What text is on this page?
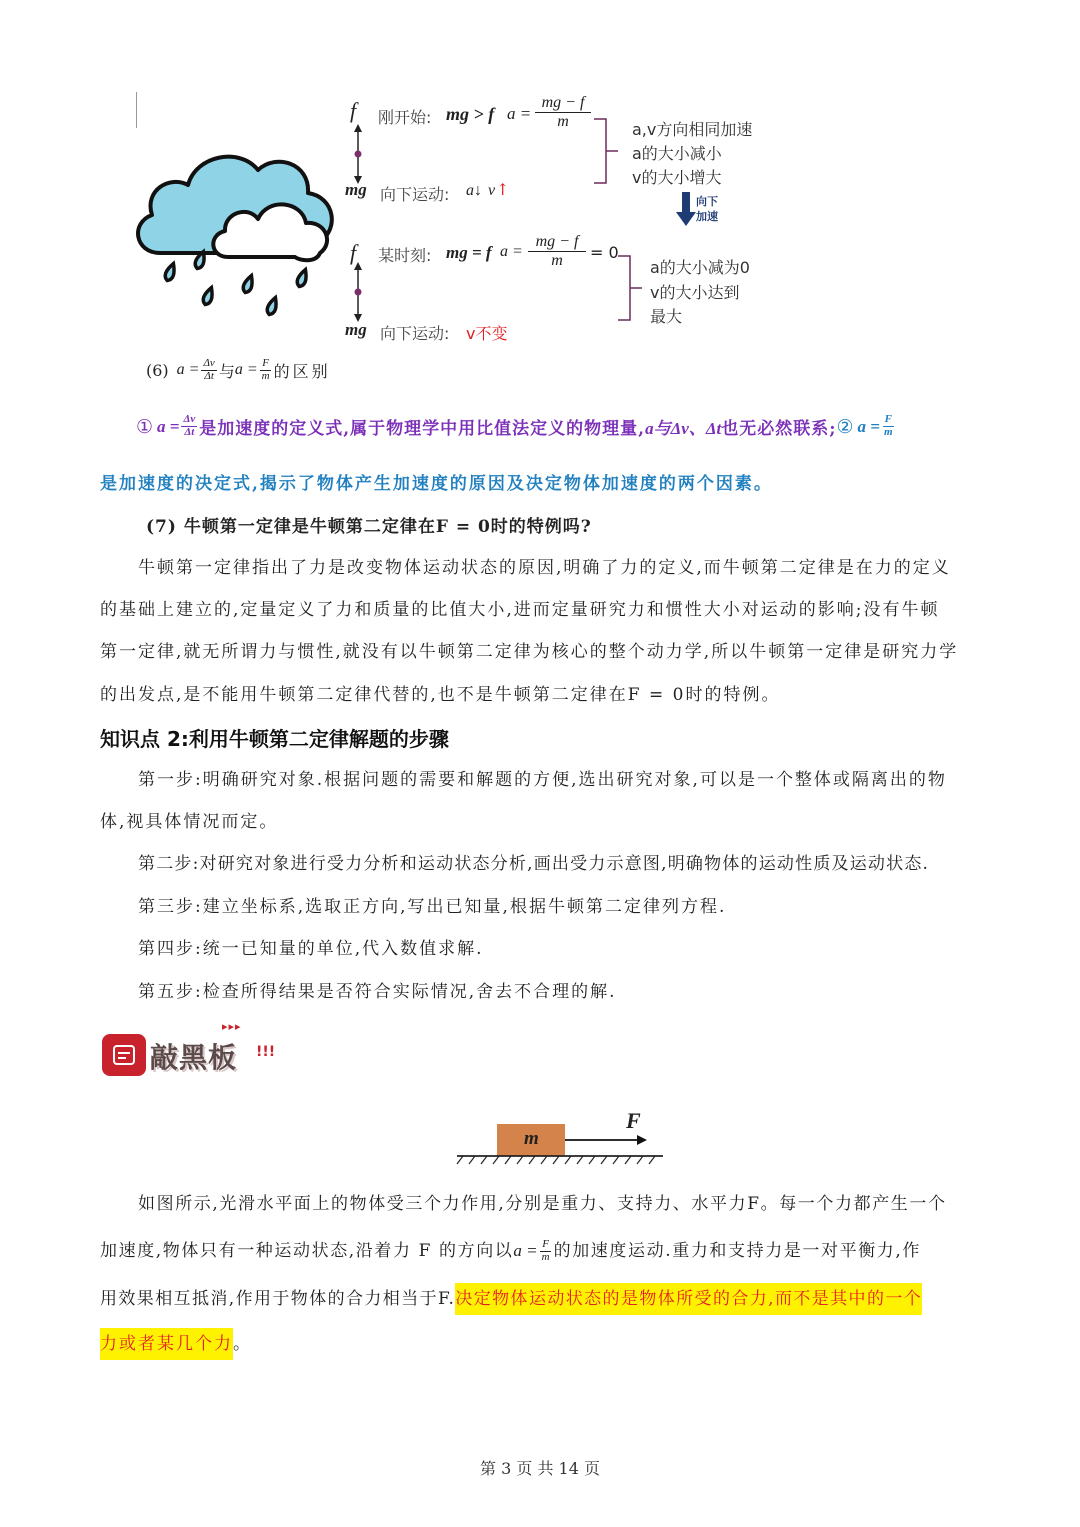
f
mg
刚开始: mg > f $a = \frac{mg - f}{m}$
向下运动: a↓ v ↑
a,v方向相同加速
a的大小减小
v的大小增大
向下
加速
f
mg
某时刻: mg = f $a = \frac{mg - f}{m} = 0$
向下运动: v不变
a的大小减为0
v的大小达到
最大
(6) $a = \frac{\Delta v}{\Delta t}$ 与 $a = \frac{F}{m}$ 的区别
① $a = \frac{\Delta v}{\Delta t}$ 是加速度的定义式,属于物理学中用比值法定义的物理量, a与Δv、Δt 也无必然联系; ② $a = \frac{F}{m}$
是加速度的决定式,揭示了物体产生加速度的原因及决定物体加速度的两个因素。
(7) 牛顿第一定律是牛顿第二定律在F = 0时的特例吗?
牛顿第一定律指出了力是改变物体运动状态的原因,明确了力的定义,而牛顿第二定律是在力的定义
的基础上建立的,定量定义了力和质量的比值大小,进而定量研究力和惯性大小对运动的影响;没有牛顿
第一定律,就无所谓力与惯性,就没有以牛顿第二定律为核心的整个动力学,所以牛顿第一定律是研究力学
的出发点,是不能用牛顿第二定律代替的,也不是牛顿第二定律在F = 0时的特例。
知识点 2:利用牛顿第二定律解题的步骤
第一步:明确研究对象.根据问题的需要和解题的方便,选出研究对象,可以是一个整体或隔离出的物
体,视具体情况而定。
第二步:对研究对象进行受力分析和运动状态分析,画出受力示意图,明确物体的运动性质及运动状态.
第三步:建立坐标系,选取正方向,写出已知量,根据牛顿第二定律列方程.
第四步:统一已知量的单位,代入数值求解.
第五步:检查所得结果是否符合实际情况,舍去不合理的解.
敲黑板 !!!
▸▸▸
m
F
如图所示,光滑水平面上的物体受三个力作用,分别是重力、支持力、水平力F。每一个力都产生一个
加速度,物体只有一种运动状态,沿着力 F 的方向以 $a = \frac{F}{m}$ 的加速度运动.重力和支持力是一对平衡力,作
用效果相互抵消,作用于物体的合力相当于F.决定物体运动状态的是物体所受的合力,而不是其中的一个
力或者某几个力。
第 3 页 共 14 页
